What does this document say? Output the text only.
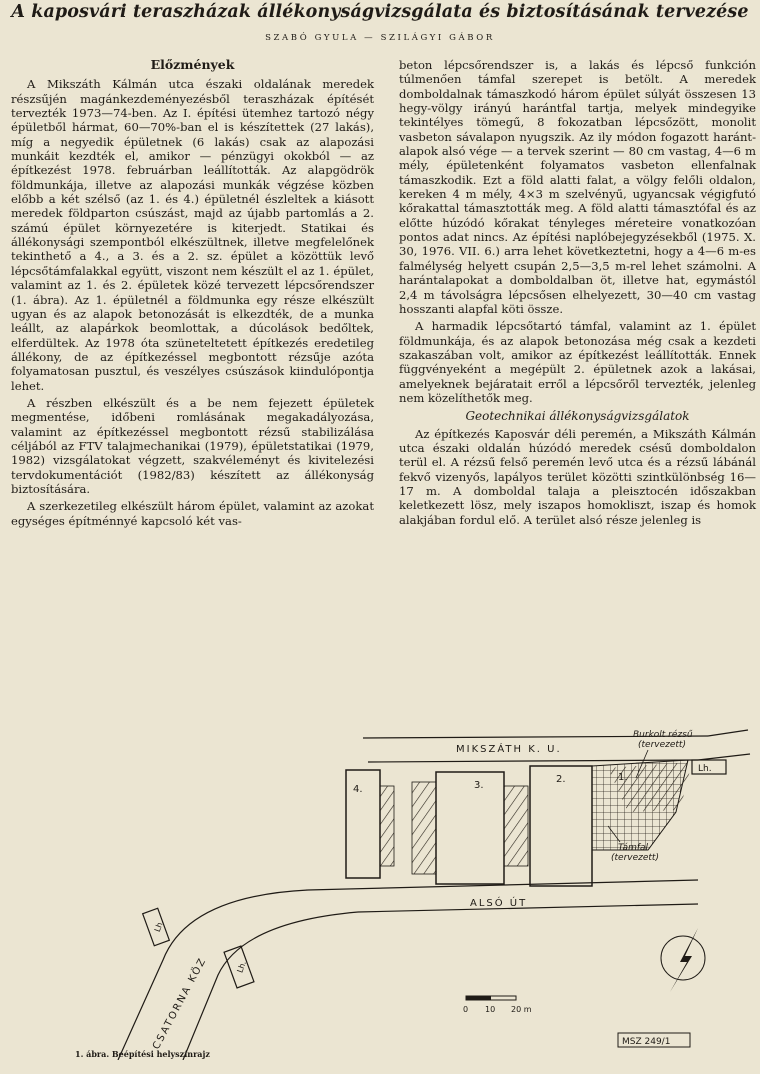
A kaposvári teraszházak állékonyságvizsgálata és biztosításának tervezése
SZABÓ GYULA — SZILÁGYI GÁBOR
Előzmények

A Mikszáth Kálmán utca északi oldalának meredek részsűjén magánkezdeményezésből teraszházak építését tervezték 1973—74-ben. Az I. építési ütemhez tartozó négy épületből hármat, 60—70%-ban el is készítettek (27 lakás), míg a negyedik épületnek (6 lakás) csak az alapozási munkáit kezdték el, amikor — pénzügyi okokból — az építkezést 1978. februárban leállították. Az alapgödrök földmunkája, illetve az alapozási munkák végzése közben előbb a két szélső (az 1. és 4.) épületnél észleltek a kiásott meredek földparton csúszást, majd az újabb partomlás a 2. számú épület környezetére is kiterjedt. Statikai és állékonysági szempontból elkészültnek, illetve megfelelőnek tekinthető a 4., a 3. és a 2. sz. épület a közöttük levő lépcsőtámfalakkal együtt, viszont nem készült el az 1. épület, valamint az 1. és 2. épületek közé tervezett lépcsőrendszer (1. ábra). Az 1. épületnél a földmunka egy része elkészült ugyan és az alapok betonozását is elkezdték, de a munka leállt, az alapárkok beomlottak, a dúcolások bedőltek, elferdültek. Az 1978 óta szüneteltetett építkezés eredetileg állékony, de az építkezéssel megbontott rézsűje azóta folyamatosan pusztul, és veszélyes csúszások kiindulópontja lehet.

A részben elkészült és a be nem fejezett épületek megmentése, időbeni romlásának megakadályozása, valamint az építkezéssel megbontott rézsű stabilizálása céljából az FTV talajmechanikai (1979), épületstatikai (1979, 1982) vizsgálatokat végzett, szakvéleményt és kivitelezési tervdokumentációt (1982/83) készített az állékonyság biztosítására.

A szerkezetileg elkészült három épület, valamint az azokat egységes építménnyé kapcsoló két vas-

beton lépcsőrendszer is, a lakás és lépcső funkción túlmenően támfal szerepet is betölt. A meredek domboldalnak támaszkodó három épület súlyát összesen 13 hegy-völgy irányú harántfal tartja, melyek mindegyike tekintélyes tömegű, 8 fokozatban lépcsőzött, monolit vasbeton sávalapon nyugszik. Az ily módon fogazott haránt-alapok alsó vége — a tervek szerint — 80 cm vastag, 4—6 m mély, épületenként folyamatos vasbeton ellenfalnak támaszkodik. Ezt a föld alatti falat, a völgy felőli oldalon, kereken 4 m mély, 4×3 m szelvényű, ugyancsak végigfutó kőrakattal támasztották meg. A föld alatti támasztófal és az előtte húzódó kőrakat tényleges méreteire vonatkozóan pontos adat nincs. Az építési naplóbejegyzésekből (1975. X. 30, 1976. VII. 6.) arra lehet következtetni, hogy a 4—6 m-es falmélység helyett csupán 2,5—3,5 m-rel lehet számolni. A harántalapokat a domboldalban öt, illetve hat, egymástól 2,4 m távolságra lépcsősen elhelyezett, 30—40 cm vastag hosszanti alapfal köti össze.

A harmadik lépcsőtartó támfal, valamint az 1. épület földmunkája, és az alapok betonozása még csak a kezdeti szakaszában volt, amikor az építkezést leállították. Ennek függvényeként a megépült 2. épületnek azok a lakásai, amelyeknek bejáratait erről a lépcsőről tervezték, jelenleg nem közelíthetők meg.

Geotechnikai állékonyságvizsgálatok

Az építkezés Kaposvár déli peremén, a Mikszáth Kálmán utca északi oldalán húzódó meredek csésű domboldalon terül el. A rézsű felső peremén levő utca és a rézsű lábánál fekvő vizenyős, lapályos terület közötti szintkülönbség 16—17 m. A domboldal talaja a pleisztocén időszakban keletkezett lösz, mely iszapos homokliszt, iszap és homok alakjában fordul elő. A terület alsó része jelenleg is

MIKSZÁTH K. U.
4.	3.
2.	1.
Lh.
Burkolt rézsű
(tervezett)
Támfal
(tervezett)
ALSÓ ÚT
CSATORNA KÖZ
Lh.
Lh.
0 10 20 m
MSZ 249/1
1. ábra. Beépítési helyszínrajz
